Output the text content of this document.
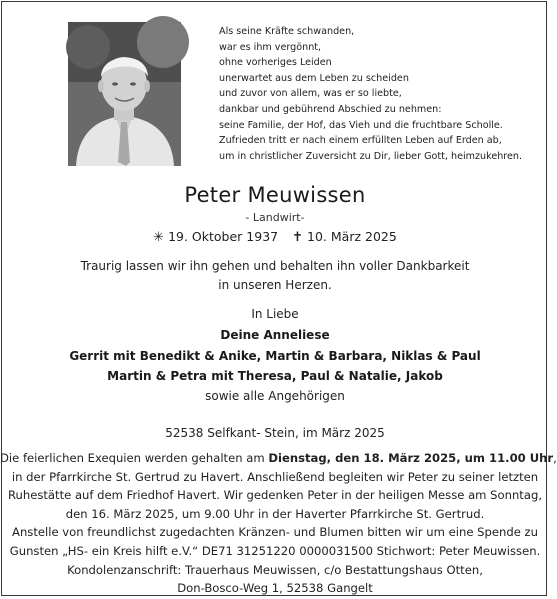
Als seine Kräfte schwanden,
war es ihm vergönnt,
ohne vorheriges Leiden
unerwartet aus dem Leben zu scheiden
und zuvor von allem, was er so liebte,
dankbar und gebührend Abschied zu nehmen:
seine Familie, der Hof, das Vieh und die fruchtbare Scholle.
Zufrieden tritt er nach einem erfüllten Leben auf Erden ab,
um in christlicher Zuversicht zu Dir, lieber Gott, heimzukehren.
Peter Meuwissen
- Landwirt-
✳ 19. Oktober 1937 ✝ 10. März 2025
Traurig lassen wir ihn gehen und behalten ihn voller Dankbarkeit
in unseren Herzen.
In Liebe
Deine Anneliese
Gerrit mit Benedikt & Anike, Martin & Barbara, Niklas & Paul
Martin & Petra mit Theresa, Paul & Natalie, Jakob
sowie alle Angehörigen
52538 Selfkant- Stein, im März 2025
Die feierlichen Exequien werden gehalten am Dienstag, den 18. März 2025, um 11.00 Uhr,
in der Pfarrkirche St. Gertrud zu Havert. Anschließend begleiten wir Peter zu seiner letzten
Ruhestätte auf dem Friedhof Havert. Wir gedenken Peter in der heiligen Messe am Sonntag,
den 16. März 2025, um 9.00 Uhr in der Haverter Pfarrkirche St. Gertrud.
Anstelle von freundlichst zugedachten Kränzen- und Blumen bitten wir um eine Spende zu
Gunsten „HS- ein Kreis hilft e.V.“ DE71 31251220 0000031500 Stichwort: Peter Meuwissen.
Kondolenzanschrift: Trauerhaus Meuwissen, c/o Bestattungshaus Otten,
Don-Bosco-Weg 1, 52538 Gangelt
